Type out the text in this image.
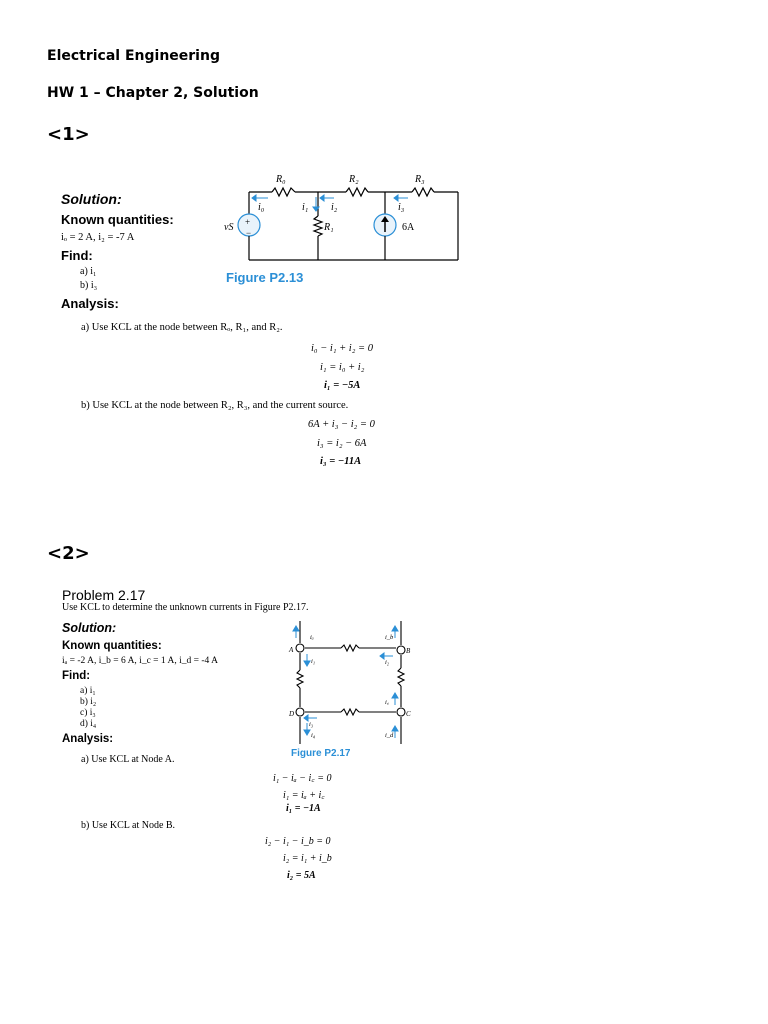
Electrical Engineering
HW 1 – Chapter 2, Solution
<1>
Solution:
Known quantities:
iₒ = 2 A, i₂ = -7 A
Find:
a) i₁
b) i₃
Analysis:
Figure P2.13
R₀	R₂	R₃
i₀	i₁ i₂	i₃
R₁
vS +
−	6A
a) Use KCL at the node between Rₒ, R₁, and R₂.
i₀ − i₁ + i₂ = 0
i₁ = i₀ + i₂
i₁ = −5A
b) Use KCL at the node between R₂, R₃, and the current source.
6A + i₃ − i₂ = 0
i₃ = i₂ − 6A
i₃ = −11A
<2>
Problem 2.17
Use KCL to determine the unknown currents in Figure P2.17.
Solution:
Known quantities:
iₐ = -2 A, i_b = 6 A, i_c = 1 A, i_d = -4 A
Find:
a) i₁
b) i₂
c) i₃
d) i₄
Analysis:
Figure P2.17
A	B
D	C
iₐ
i₁
i_b
i₂
i꜀
i₃
i₄	i_d
a) Use KCL at Node A.
i₁ − iₐ − i꜀ = 0
i₁ = iₐ + i꜀
i₁ = −1A
b) Use KCL at Node B.
i₂ − i₁ − i_b = 0
i₂ = i₁ + i_b
i₂ = 5A
